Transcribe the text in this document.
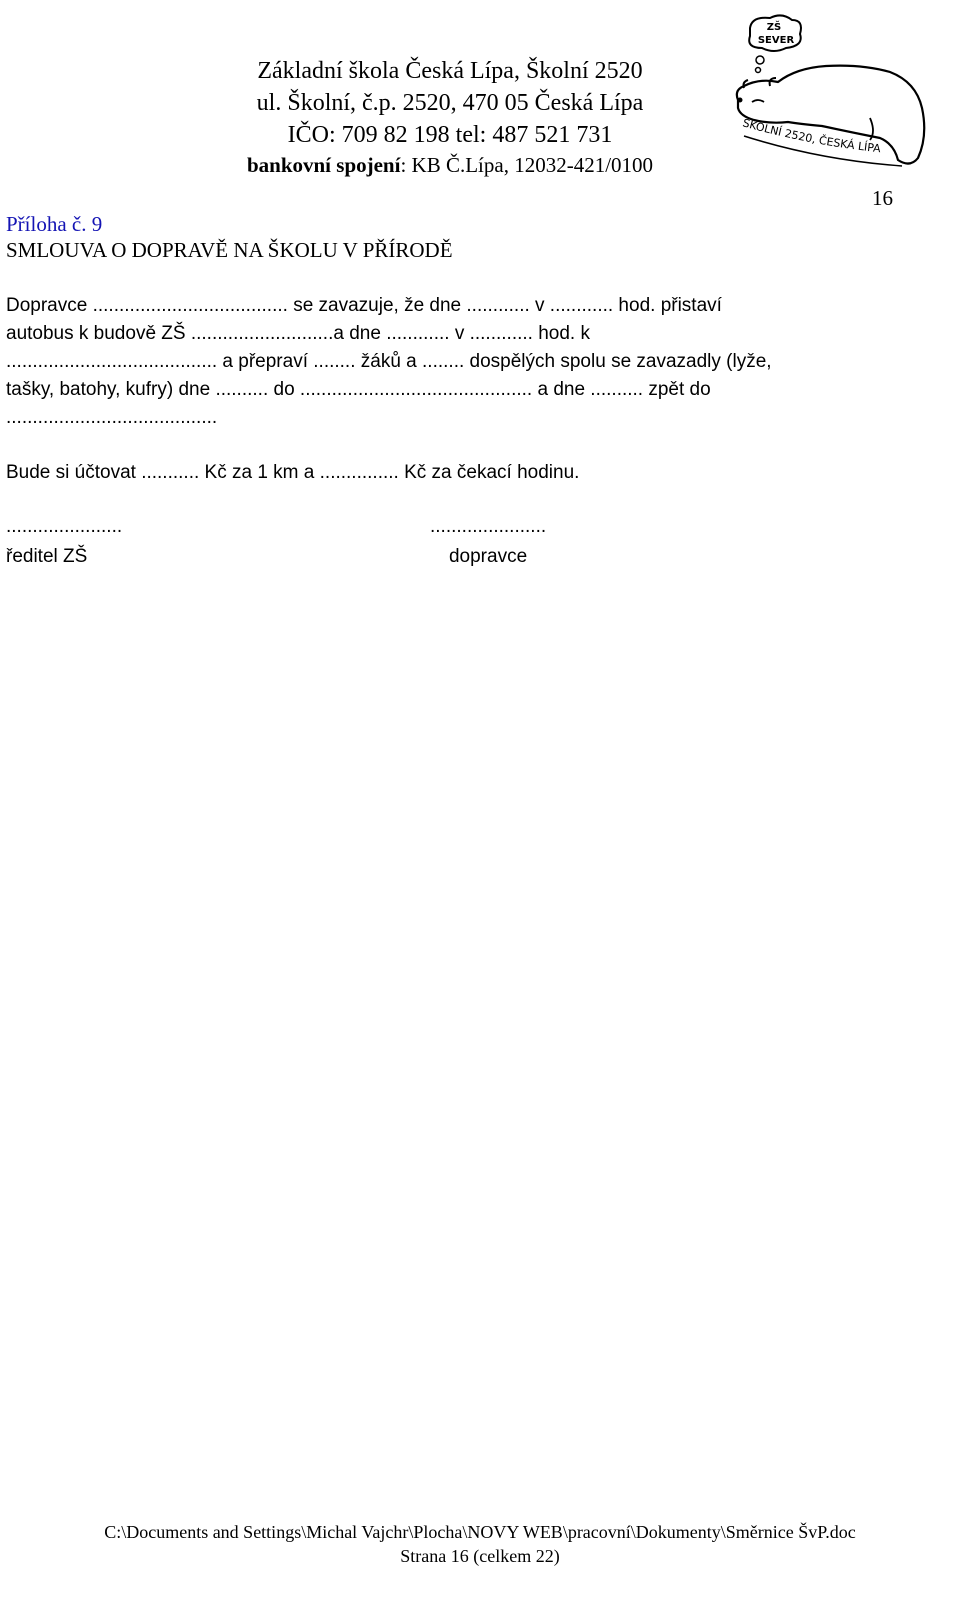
Základní škola Česká Lípa, Školní 2520
ul. Školní, č.p. 2520, 470 05 Česká Lípa
IČO: 709 82 198 tel: 487 521 731
bankovní spojení: KB Č.Lípa, 12032-421/0100
ZŠ
SEVER
ŠKOLNÍ 2520, ČESKÁ LÍPA
16
Příloha č. 9
SMLOUVA O DOPRAVĚ NA ŠKOLU V PŘÍRODĚ

Dopravce ..................................... se zavazuje, že dne ............ v ............ hod. přistaví

autobus k budově ZŠ ...........................a dne ............ v ............ hod. k

........................................ a přepraví ........ žáků a ........ dospělých spolu se zavazadly (lyže,

tašky, batohy, kufry) dne .......... do ............................................ a dne .......... zpět do

........................................

Bude si účtovat ........... Kč za 1 km a ............... Kč za čekací hodinu.
......................
ředitel ZŠ
......................
dopravce
C:\Documents and Settings\Michal Vajchr\Plocha\NOVY WEB\pracovní\Dokumenty\Směrnice ŠvP.doc
Strana 16 (celkem 22)
